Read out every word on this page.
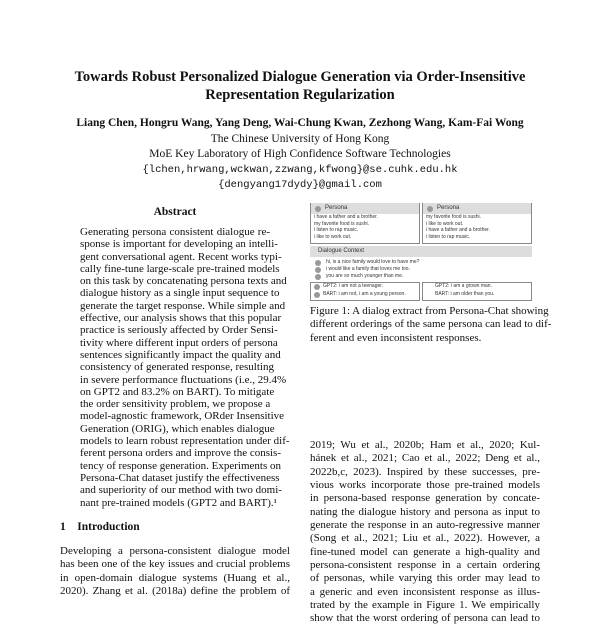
Towards Robust Personalized Dialogue Generation via Order-Insensitive
Representation Regularization
Liang Chen, Hongru Wang, Yang Deng, Wai-Chung Kwan, Zezhong Wang, Kam-Fai Wong
The Chinese University of Hong Kong
MoE Key Laboratory of High Confidence Software Technologies
{lchen,hrwang,wckwan,zzwang,kfwong}@se.cuhk.edu.hk
{dengyang17dydy}@gmail.com
Abstract
Generating persona consistent dialogue re-
sponse is important for developing an intelli-
gent conversational agent. Recent works typi-
cally fine-tune large-scale pre-trained models
on this task by concatenating persona texts and
dialogue history as a single input sequence to
generate the target response. While simple and
effective, our analysis shows that this popular
practice is seriously affected by Order Sensi-
tivity where different input orders of persona
sentences significantly impact the quality and
consistency of generated response, resulting
in severe performance fluctuations (i.e., 29.4%
on GPT2 and 83.2% on BART). To mitigate
the order sensitivity problem, we propose a
model-agnostic framework, ORder Insensitive
Generation (ORIG), which enables dialogue
models to learn robust representation under dif-
ferent persona orders and improve the consis-
tency of response generation. Experiments on
Persona-Chat dataset justify the effectiveness
and superiority of our method with two domi-
nant pre-trained models (GPT2 and BART).¹
1 Introduction
Developing a persona-consistent dialogue model
has been one of the key issues and crucial problems
in open-domain dialogue systems (Huang et al.,
2020). Zhang et al. (2018a) define the problem of
Persona
i have a father and a brother.
my favorite food is sushi.
i listen to rap music.
i like to work out.
Persona
my favorite food is sushi.
i like to work out.
i have a father and a brother.
i listen to rap music.
Dialogue Context
hi, is a nice family would love to have me?
i would like a family that loves me too.
you are so much younger than me.
GPT2: i am not a teenager.
BART: i am not, i am a young person.
GPT2: i am a grown man.
BART: i am older than you.
Figure 1: A dialog extract from Persona-Chat showing
different orderings of the same persona can lead to dif-
ferent and even inconsistent responses.
2019; Wu et al., 2020b; Ham et al., 2020; Kul-
hánek et al., 2021; Cao et al., 2022; Deng et al.,
2022b,c, 2023). Inspired by these successes, pre-
vious works incorporate those pre-trained models
in persona-based response generation by concate-
nating the dialogue history and persona as input to
generate the response in an auto-regressive manner
(Song et al., 2021; Liu et al., 2022). However, a
fine-tuned model can generate a high-quality and
persona-consistent response in a certain ordering
of personas, while varying this order may lead to
a generic and even inconsistent response as illus-
trated by the example in Figure 1. We empirically
show that the worst ordering of persona can lead to
